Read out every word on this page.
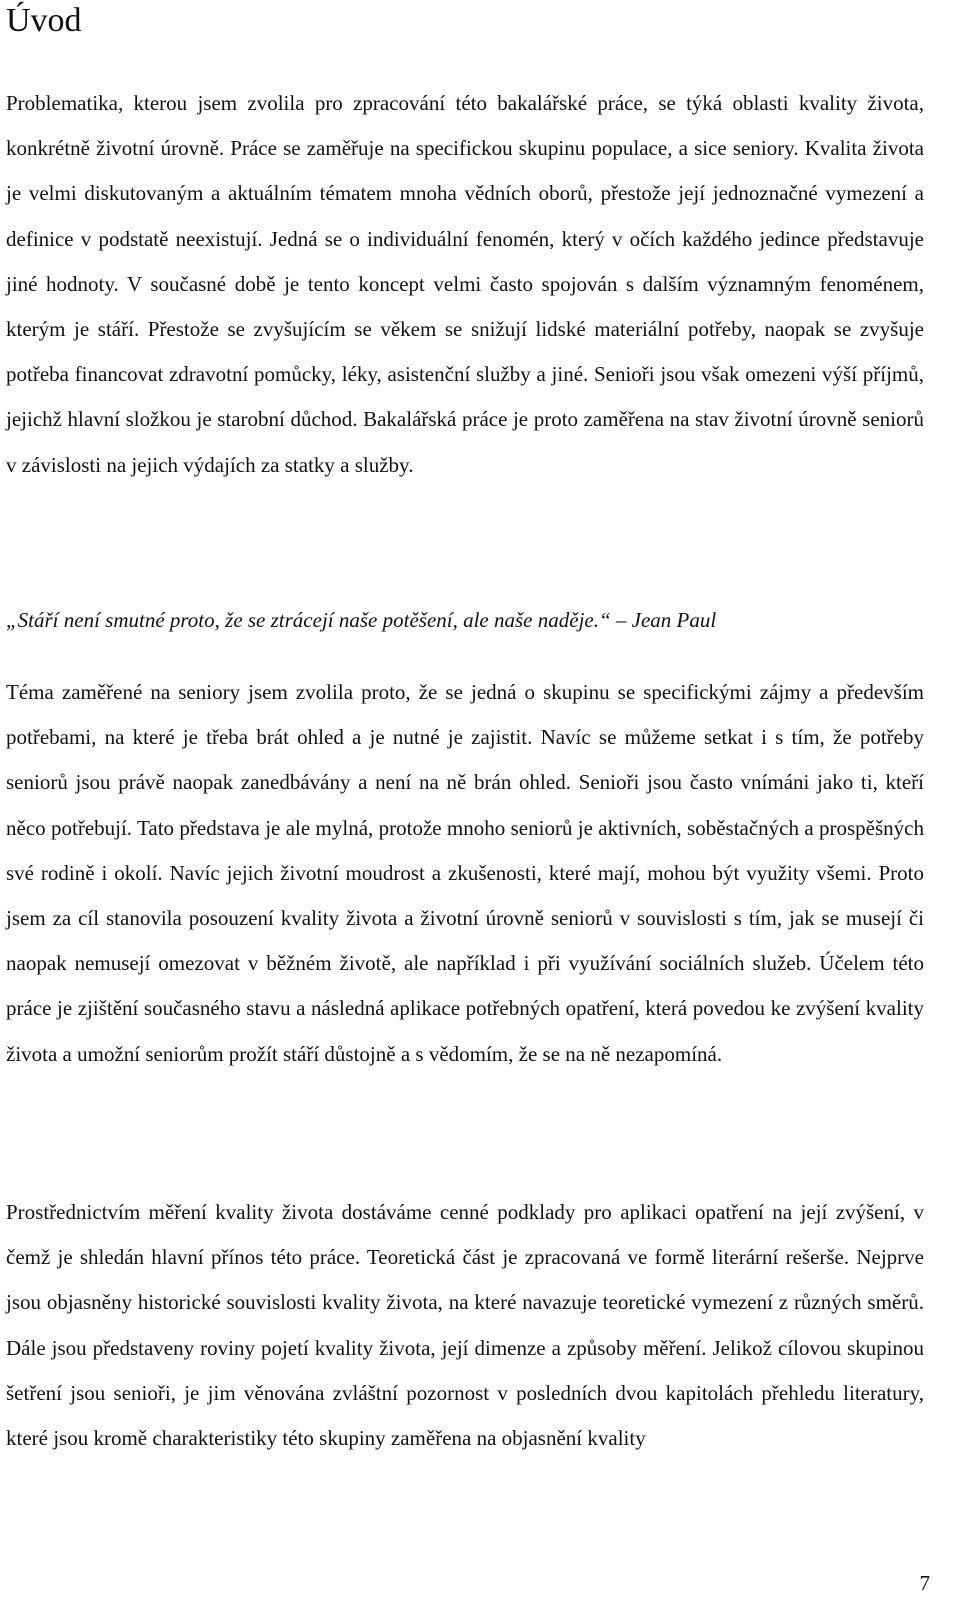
Úvod

Problematika, kterou jsem zvolila pro zpracování této bakalářské práce, se týká oblasti kvality života, konkrétně životní úrovně. Práce se zaměřuje na specifickou skupinu populace, a sice seniory. Kvalita života je velmi diskutovaným a aktuálním tématem mnoha vědních oborů, přestože její jednoznačné vymezení a definice v podstatě neexistují. Jedná se o individuální fenomén, který v očích každého jedince představuje jiné hodnoty. V současné době je tento koncept velmi často spojován s dalším významným fenoménem, kterým je stáří. Přestože se zvyšujícím se věkem se snižují lidské materiální potřeby, naopak se zvyšuje potřeba financovat zdravotní pomůcky, léky, asistenční služby a jiné. Senioři jsou však omezeni výší příjmů, jejichž hlavní složkou je starobní důchod. Bakalářská práce je proto zaměřena na stav životní úrovně seniorů v závislosti na jejich výdajích za statky a služby.

„Stáří není smutné proto, že se ztrácejí naše potěšení, ale naše naděje.“ – Jean Paul

Téma zaměřené na seniory jsem zvolila proto, že se jedná o skupinu se specifickými zájmy a především potřebami, na které je třeba brát ohled a je nutné je zajistit. Navíc se můžeme setkat i s tím, že potřeby seniorů jsou právě naopak zanedbávány a není na ně brán ohled. Senioři jsou často vnímáni jako ti, kteří něco potřebují. Tato představa je ale mylná, protože mnoho seniorů je aktivních, soběstačných a prospěšných své rodině i okolí. Navíc jejich životní moudrost a zkušenosti, které mají, mohou být využity všemi. Proto jsem za cíl stanovila posouzení kvality života a životní úrovně seniorů v souvislosti s tím, jak se musejí či naopak nemusejí omezovat v běžném životě, ale například i při využívání sociálních služeb. Účelem této práce je zjištění současného stavu a následná aplikace potřebných opatření, která povedou ke zvýšení kvality života a umožní seniorům prožít stáří důstojně a s vědomím, že se na ně nezapomíná.

Prostřednictvím měření kvality života dostáváme cenné podklady pro aplikaci opatření na její zvýšení, v čemž je shledán hlavní přínos této práce. Teoretická část je zpracovaná ve formě literární rešerše. Nejprve jsou objasněny historické souvislosti kvality života, na které navazuje teoretické vymezení z různých směrů. Dále jsou představeny roviny pojetí kvality života, její dimenze a způsoby měření. Jelikož cílovou skupinou šetření jsou senioři, je jim věnována zvláštní pozornost v posledních dvou kapitolách přehledu literatury, které jsou kromě charakteristiky této skupiny zaměřena na objasnění kvality

7
